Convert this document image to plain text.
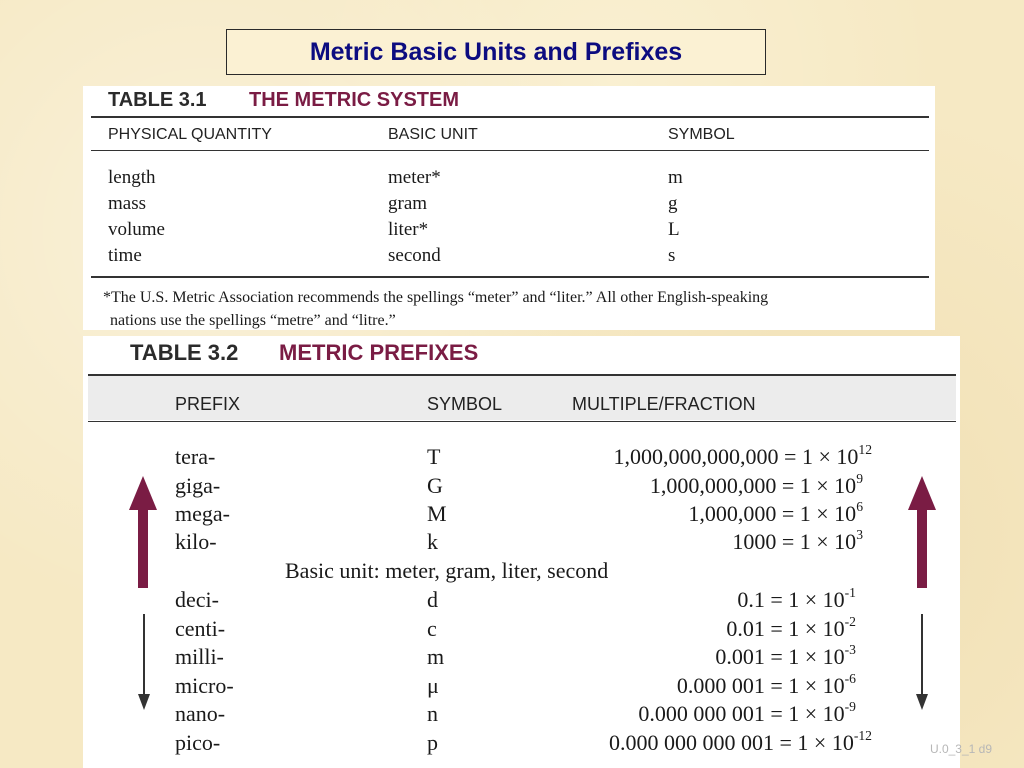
Metric Basic Units and Prefixes
TABLE 3.1 THE METRIC SYSTEM
PHYSICAL QUANTITY	BASIC UNIT	SYMBOL
length	meter*	m
mass	gram	g
volume	liter*	L
time	second	s
*The U.S. Metric Association recommends the spellings “meter” and “liter.” All other English-speaking
nations use the spellings “metre” and “litre.”
TABLE 3.2 METRIC PREFIXES
PREFIX	SYMBOL	MULTIPLE/FRACTION
tera-	T	$1,000,000,000,000 = 1 \times 10^{12}$
giga-	G	$1,000,000,000 = 1 \times 10^9$
mega-	M	$1,000,000 = 1 \times 10^6$
kilo-	k	$1000 = 1 \times 10^3$
Basic unit: meter, gram, liter, second
deci-	d	$0.1 = 1 \times 10^{-1}$
centi-	c	$0.01 = 1 \times 10^{-2}$
milli-	m	$0.001 = 1 \times 10^{-3}$
micro-	μ	0.000 $001 = 1 \times 10^{-6}$
nano-	n	0.000 000 $001 = 1 \times 10^{-9}$
pico-	p	0.000 000 000 $001 = 1 \times 10^{-12}$
U.0_3_1 d9
